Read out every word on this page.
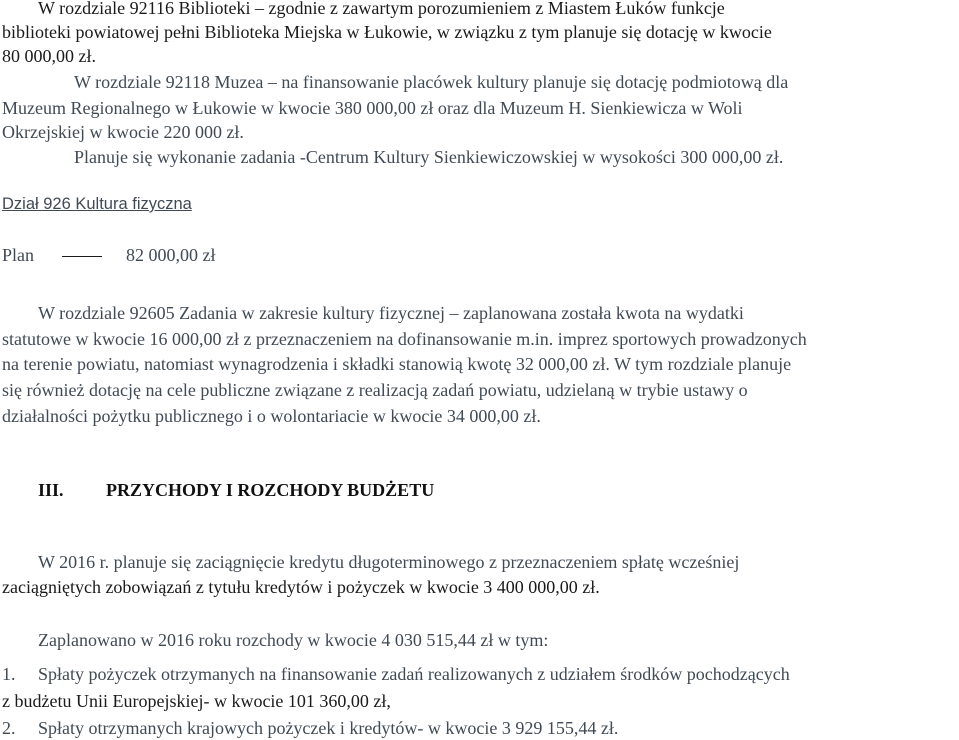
W rozdziale 92116 Biblioteki – zgodnie z zawartym porozumieniem z Miastem Łuków funkcje
biblioteki powiatowej pełni Biblioteka Miejska w Łukowie, w związku z tym planuje się dotację w kwocie
80 000,00 zł.
W rozdziale 92118 Muzea – na finansowanie placówek kultury planuje się dotację podmiotową dla
Muzeum Regionalnego w Łukowie w kwocie 380 000,00 zł oraz dla Muzeum H. Sienkiewicza w Woli
Okrzejskiej w kwocie 220 000 zł.
Planuje się wykonanie zadania -Centrum Kultury Sienkiewiczowskiej w wysokości 300 000,00 zł.
Dział 926 Kultura fizyczna
Plan	82 000,00 zł
W rozdziale 92605 Zadania w zakresie kultury fizycznej – zaplanowana została kwota na wydatki
statutowe w kwocie 16 000,00 zł z przeznaczeniem na dofinansowanie m.in. imprez sportowych prowadzonych
na terenie powiatu, natomiast wynagrodzenia i składki stanowią kwotę 32 000,00 zł. W tym rozdziale planuje
się również dotację na cele publiczne związane z realizacją zadań powiatu, udzielaną w trybie ustawy o
działalności pożytku publicznego i o wolontariacie w kwocie 34 000,00 zł.
III. PRZYCHODY I ROZCHODY BUDŻETU
W 2016 r. planuje się zaciągnięcie kredytu długoterminowego z przeznaczeniem spłatę wcześniej
zaciągniętych zobowiązań z tytułu kredytów i pożyczek w kwocie 3 400 000,00 zł.
Zaplanowano w 2016 roku rozchody w kwocie 4 030 515,44 zł w tym:
1. Spłaty pożyczek otrzymanych na finansowanie zadań realizowanych z udziałem środków pochodzących
z budżetu Unii Europejskiej- w kwocie 101 360,00 zł,
2. Spłaty otrzymanych krajowych pożyczek i kredytów- w kwocie 3 929 155,44 zł.
